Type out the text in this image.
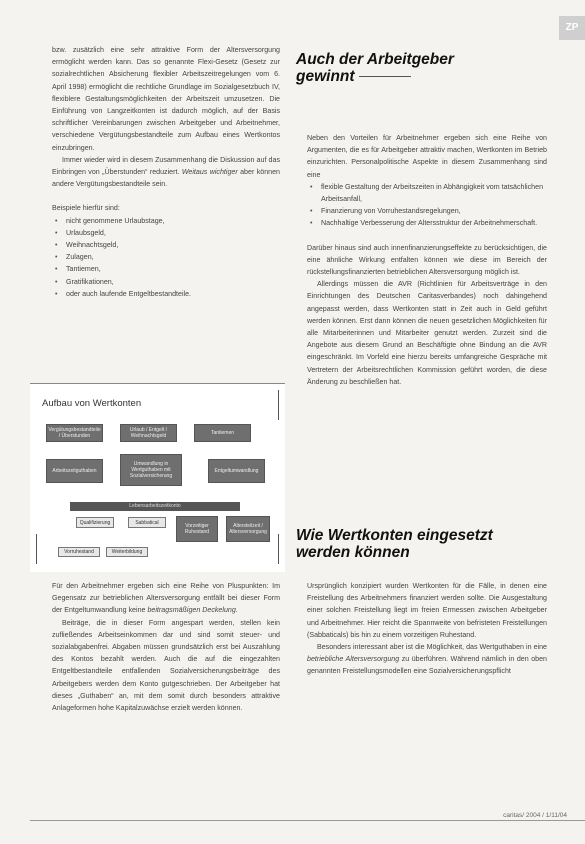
ZP

bzw. zusätzlich eine sehr attraktive Form der Altersversorgung ermöglicht werden kann. Das so genannte Flexi-Gesetz (Gesetz zur sozialrechtlichen Absicherung flexibler Arbeitszeitregelungen vom 6. April 1998) ermöglicht die rechtliche Grundlage im Sozialgesetzbuch IV, flexiblere Gestaltungsmöglichkeiten der Arbeitszeit umzusetzen. Die Einführung von Langzeitkonten ist dadurch möglich, auf der Basis schriftlicher Vereinbarungen zwischen Arbeitgeber und Arbeitnehmer, verschiedene Vergütungsbestandteile zum Aufbau eines Wertkontos einzubringen.

Immer wieder wird in diesem Zusammenhang die Diskussion auf das Einbringen von „Überstunden“ reduziert. Weitaus wichtiger aber können andere Vergütungsbestandteile sein.

Beispiele hierfür sind:

• nicht genommene Urlaubstage,
• Urlaubsgeld,
• Weihnachtsgeld,
• Zulagen,
• Tantiemen,
• Gratifikationen,
• oder auch laufende Entgeltbestandteile.
Aufbau von Wertkonten
Vergütungsbestandteile / Überstunden
Urlaub / Entgelt / Weihnachtsgeld	Tantiemen
Arbeitszeitguthaben
Umwandlung in Wertguthaben mit Sozialversicherung
Entgeltumwandlung
Lebensarbeitszeitkonto
Qualifizierung	Sabbatical
Vorzeitiger Ruhestand
Altersteilzeit / Altersversorgung
Vorruhestand	Weiterbildung

Für den Arbeitnehmer ergeben sich eine Reihe von Pluspunkten: Im Gegensatz zur betrieblichen Altersversorgung entfällt bei dieser Form der Entgeltumwandlung keine beitragsmäßigen Deckelung.

Beiträge, die in dieser Form angespart werden, stellen kein zufließendes Arbeitseinkommen dar und sind somit steuer- und sozialabgabenfrei. Abgaben müssen grundsätzlich erst bei Auszahlung des Kontos bezahlt werden. Auch die auf die eingezahlten Entgeltbestandteile entfallenden Sozialversicherungsbeiträge des Arbeitgebers werden dem Konto gutgeschrieben. Der Arbeitgeber hat dieses „Guthaben“ an, mit dem somit durch besonders attraktive Anlageformen hohe Kapitalzuwächse erzielt werden können.

Auch der Arbeitgeber
gewinnt

Neben den Vorteilen für Arbeitnehmer ergeben sich eine Reihe von Argumenten, die es für Arbeitgeber attraktiv machen, Wertkonten im Betrieb einzurichten. Personalpolitische Aspekte in diesem Zusammenhang sind eine

• flexible Gestaltung der Arbeitszeiten in Abhängigkeit vom tatsächlichen Arbeitsanfall,
• Finanzierung von Vorruhestandsregelungen,
• Nachhaltige Verbesserung der Altersstruktur der Arbeitnehmerschaft.

Darüber hinaus sind auch innenfinanzierungseffekte zu berücksichtigen, die eine ähnliche Wirkung entfalten können wie diese im Bereich der rückstellungsfinanzierten betrieblichen Altersversorgung möglich ist.

Allerdings müssen die AVR (Richtlinien für Arbeitsverträge in den Einrichtungen des Deutschen Caritasverbandes) noch dahingehend angepasst werden, dass Wertkonten statt in Zeit auch in Geld geführt werden können. Erst dann können die neuen gesetzlichen Möglichkeiten für alle Mitarbeiterinnen und Mitarbeiter genutzt werden. Zurzeit sind die Angebote aus diesem Grund an Beschäftigte ohne Bindung an die AVR eingeschränkt. Im Vorfeld eine hierzu bereits umfangreiche Gespräche mit Vertretern der Arbeitsrechtlichen Kommission geführt worden, die diese Änderung zu beschließen hat.

Wie Wertkonten eingesetzt
werden können

Ursprünglich konzipiert wurden Wertkonten für die Fälle, in denen eine Freistellung des Arbeitnehmers finanziert werden sollte. Die Ausgestaltung einer solchen Freistellung liegt im freien Ermessen zwischen Arbeitgeber und Arbeitnehmer. Hier reicht die Spannweite von befristeten Freistellungen (Sabbaticals) bis hin zu einem vorzeitigen Ruhestand.

Besonders interessant aber ist die Möglichkeit, das Wertguthaben in eine betriebliche Altersversorgung zu überführen. Während nämlich in den oben genannten Freistellungsmodellen eine Sozialversicherungspflicht

caritas/ 2004 / 1/11/04
